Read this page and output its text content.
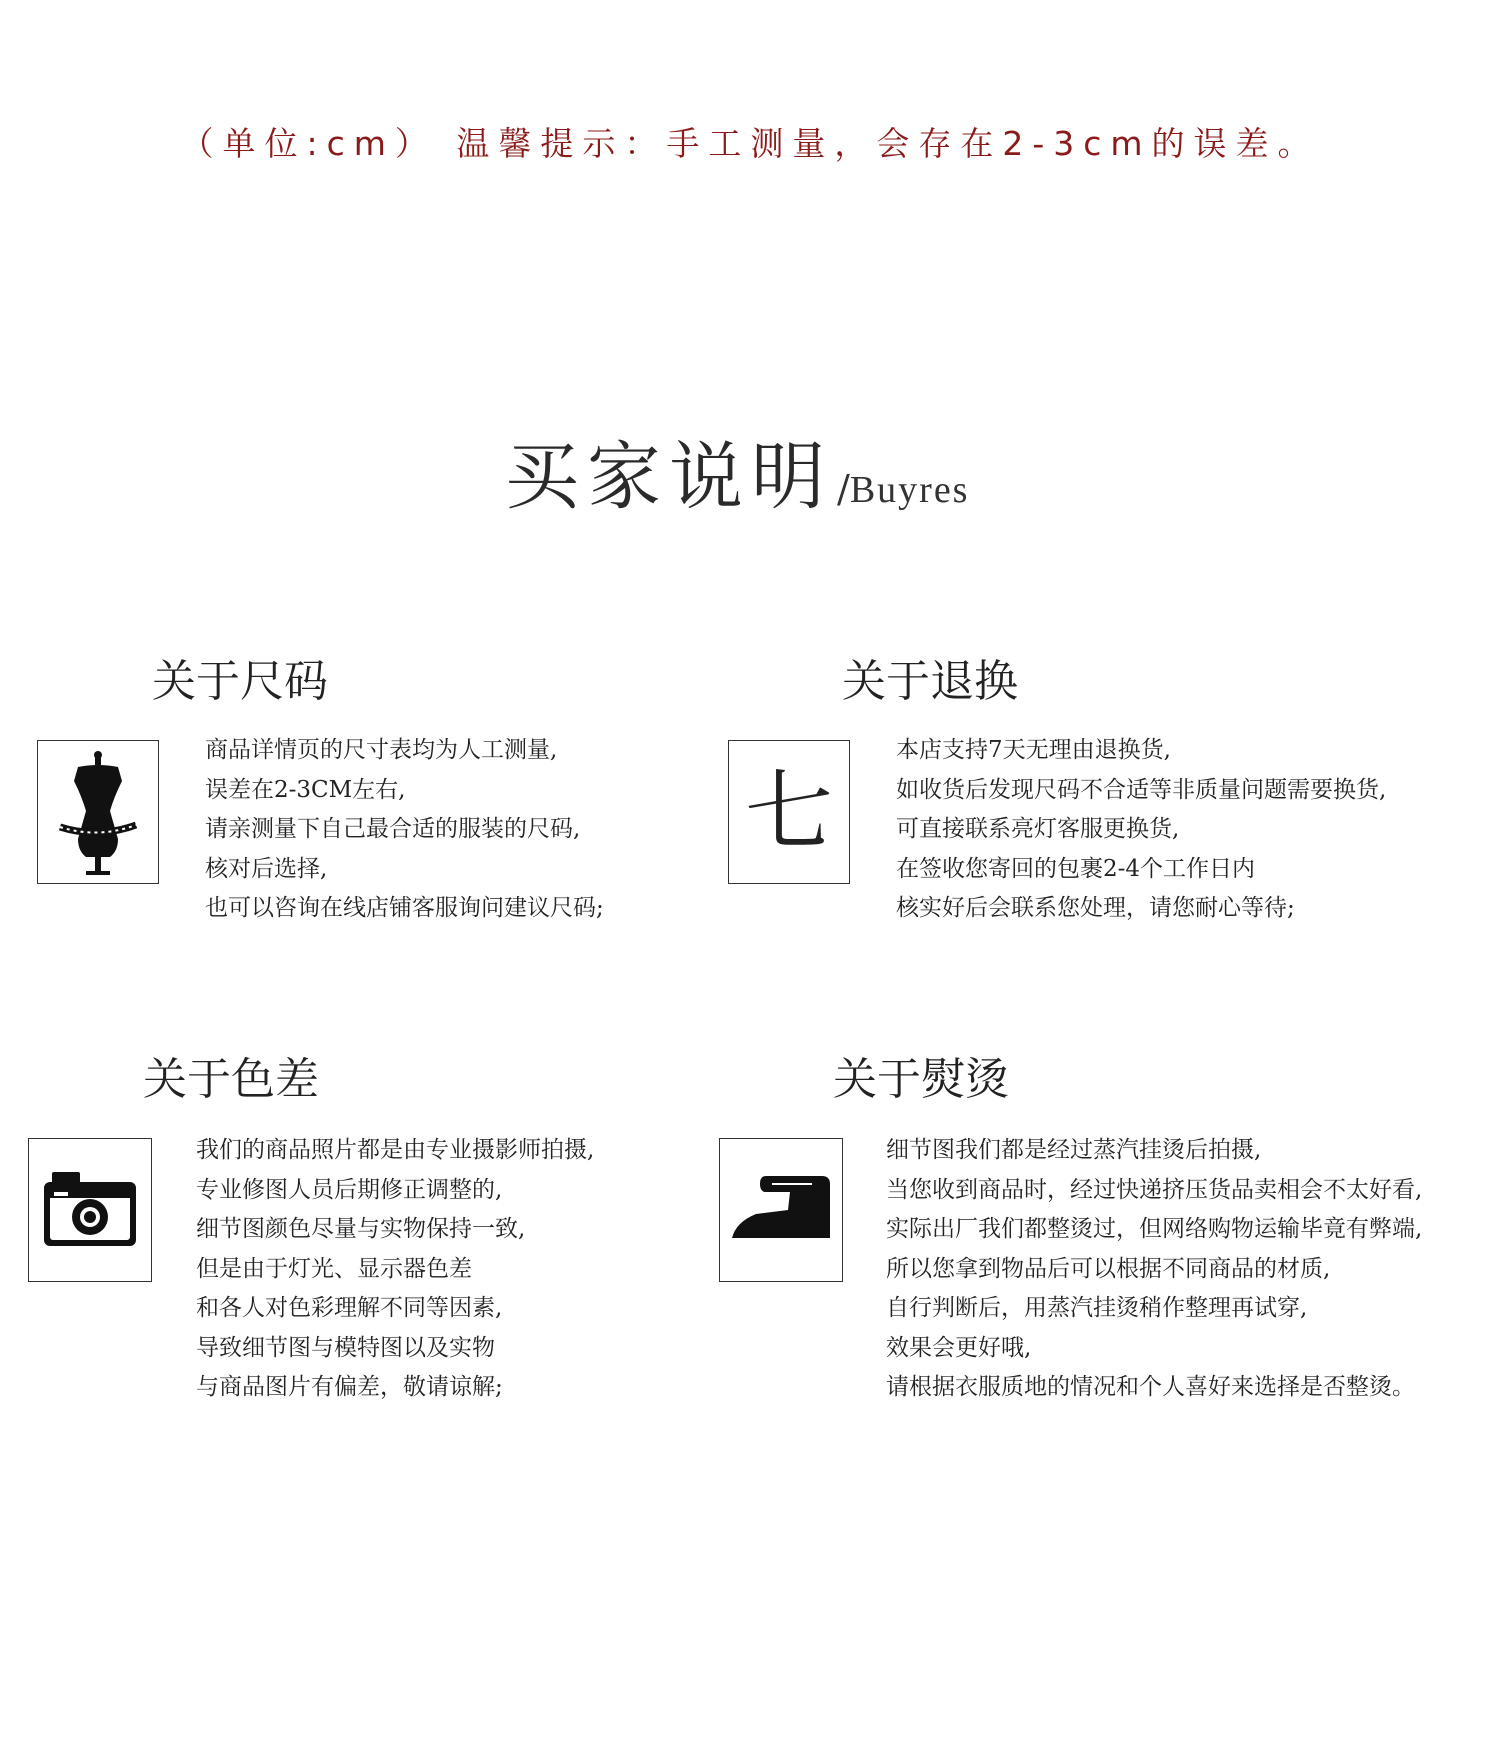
（单位:cm） 温馨提示：手工测量，会存在2-3cm的误差。
买家说明 /Buyres
关于尺码
商品详情页的尺寸表均为人工测量,
误差在2-3CM左右,
请亲测量下自己最合适的服装的尺码,
核对后选择,
也可以咨询在线店铺客服询问建议尺码;
关于退换
七
本店支持7天无理由退换货,
如收货后发现尺码不合适等非质量问题需要换货,
可直接联系亮灯客服更换货,
在签收您寄回的包裹2-4个工作日内
核实好后会联系您处理，请您耐心等待;
关于色差
我们的商品照片都是由专业摄影师拍摄,
专业修图人员后期修正调整的,
细节图颜色尽量与实物保持一致,
但是由于灯光、显示器色差
和各人对色彩理解不同等因素,
导致细节图与模特图以及实物
与商品图片有偏差，敬请谅解;
关于熨烫
细节图我们都是经过蒸汽挂烫后拍摄,
当您收到商品时，经过快递挤压货品卖相会不太好看,
实际出厂我们都整烫过，但网络购物运输毕竟有弊端,
所以您拿到物品后可以根据不同商品的材质,
自行判断后，用蒸汽挂烫稍作整理再试穿,
效果会更好哦,
请根据衣服质地的情况和个人喜好来选择是否整烫。
